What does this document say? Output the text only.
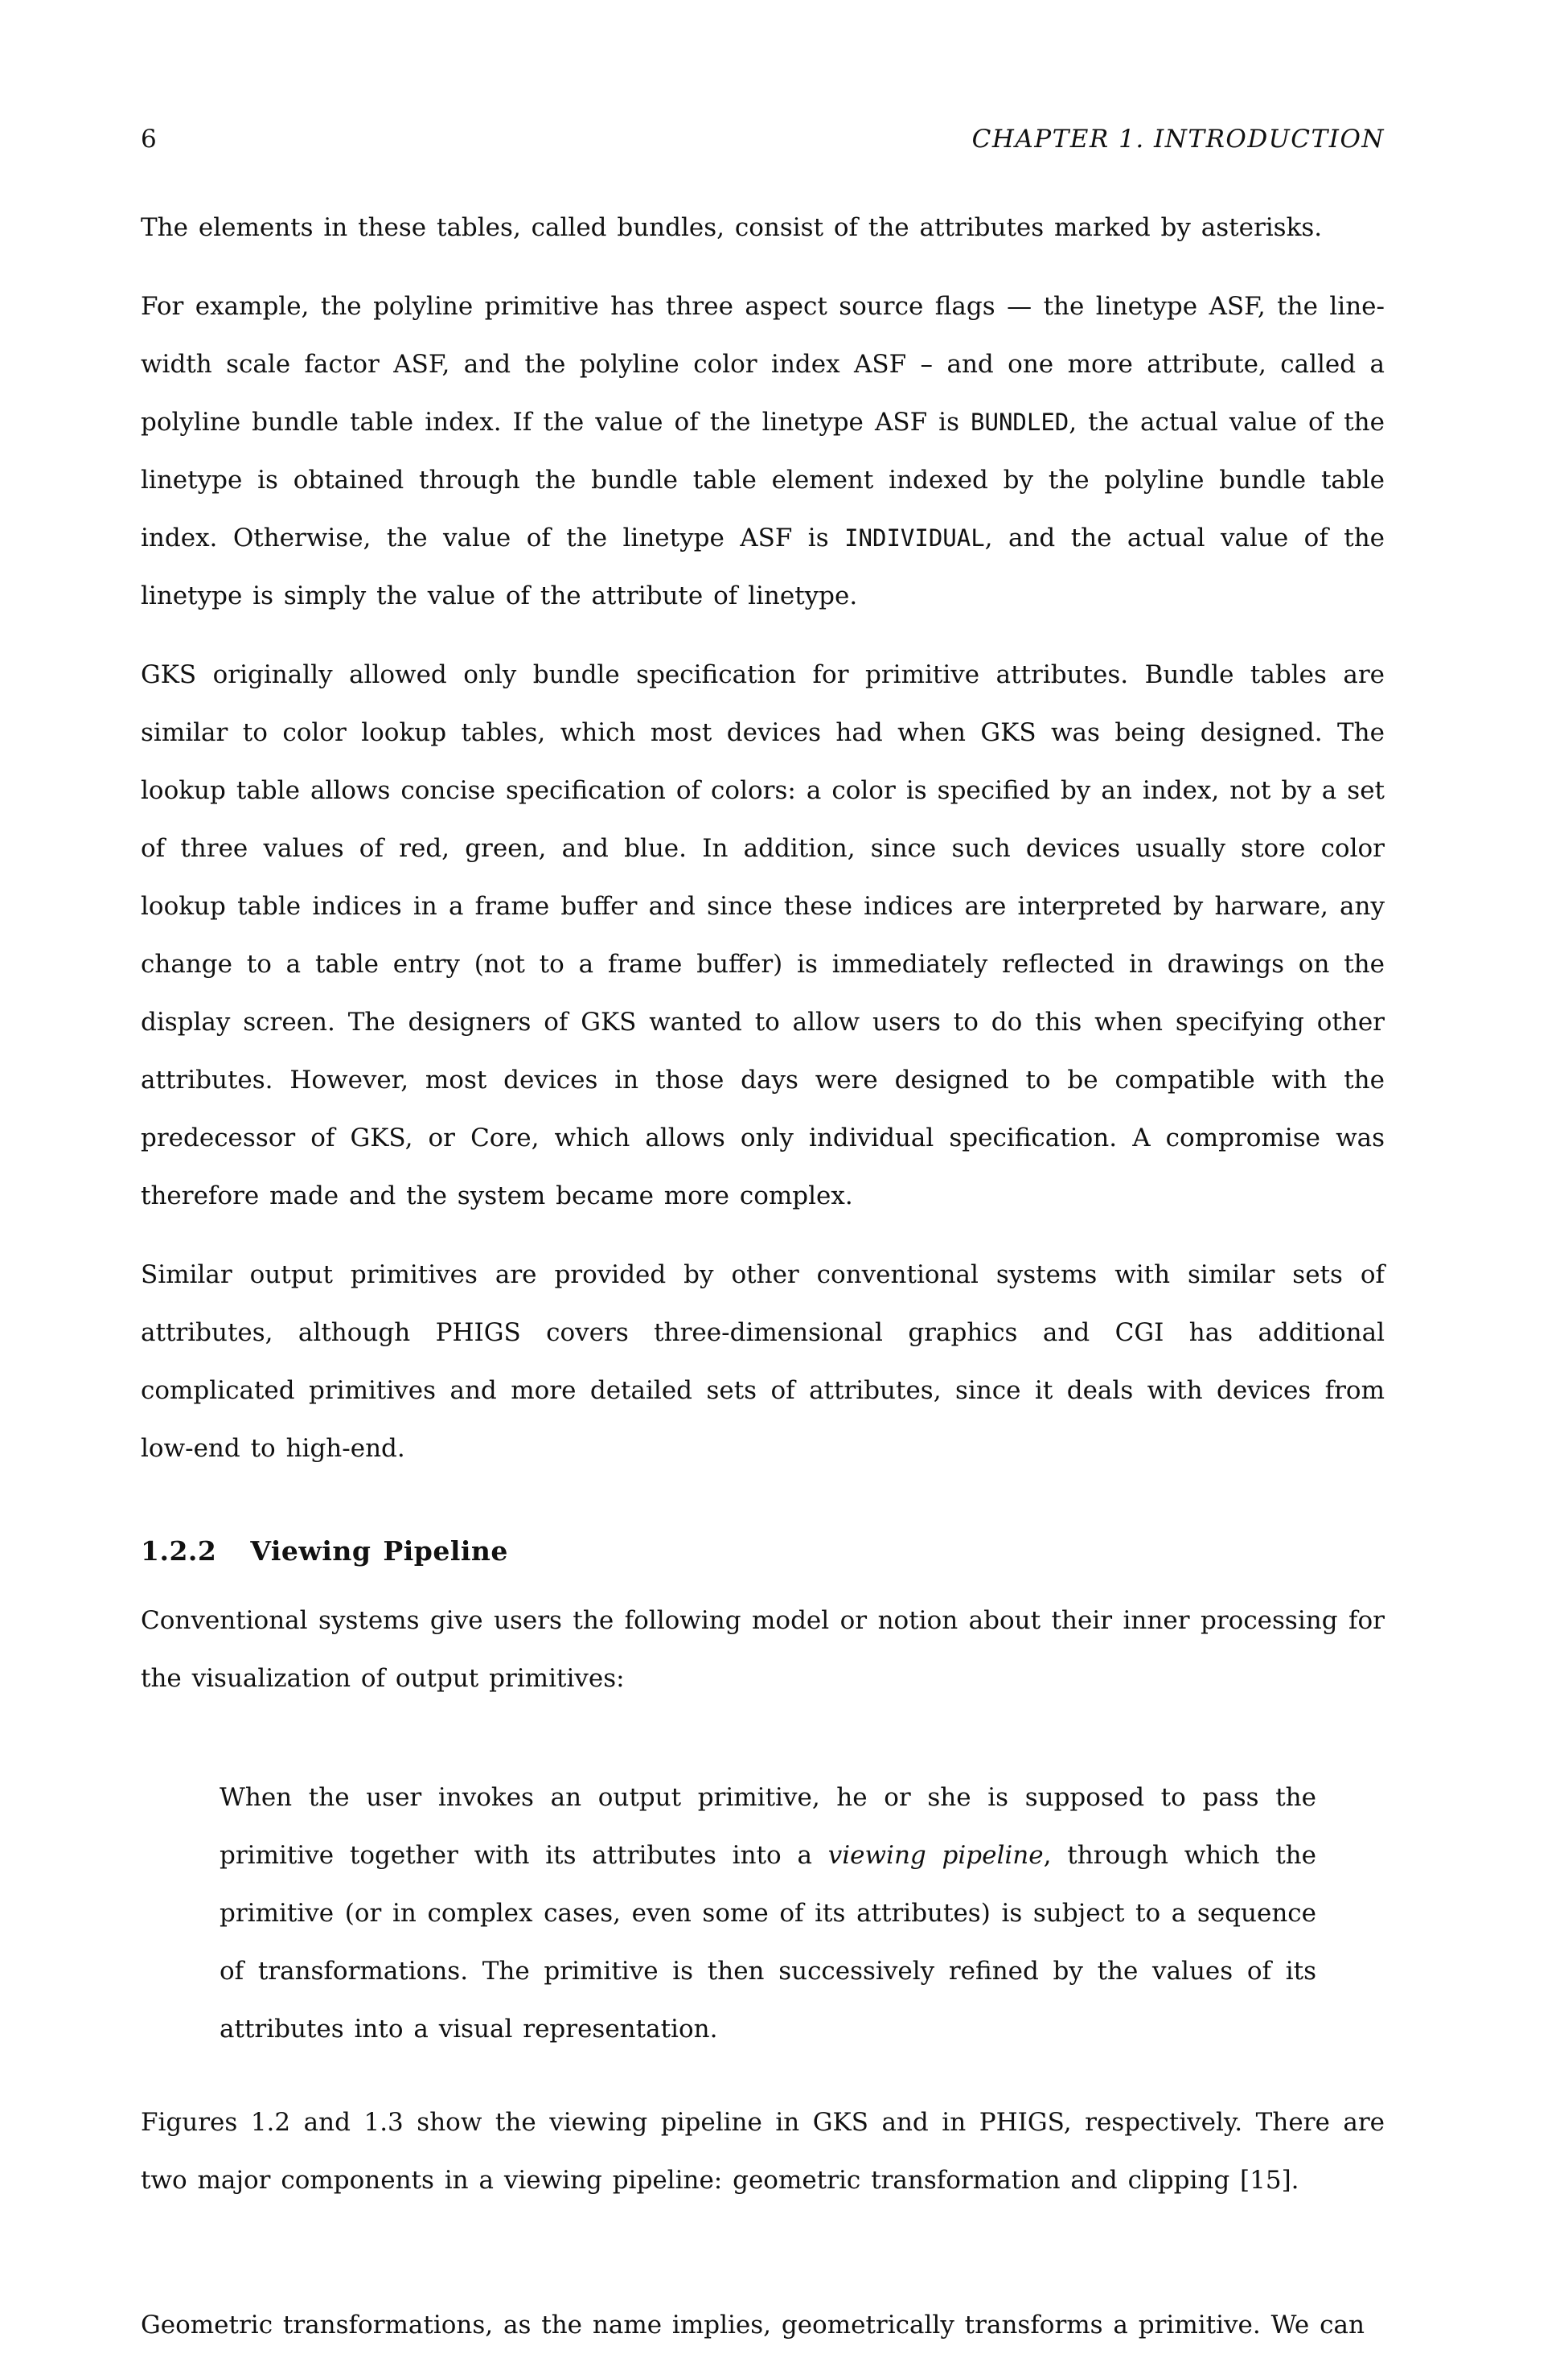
6	CHAPTER 1. INTRODUCTION

The elements in these tables, called bundles, consist of the attributes marked by asterisks.

For example, the polyline primitive has three aspect source flags — the linetype ASF, the line-width scale factor ASF, and the polyline color index ASF – and one more attribute, called a polyline bundle table index. If the value of the linetype ASF is BUNDLED, the actual value of the linetype is obtained through the bundle table element indexed by the polyline bundle table index. Otherwise, the value of the linetype ASF is INDIVIDUAL, and the actual value of the linetype is simply the value of the attribute of linetype.

GKS originally allowed only bundle specification for primitive attributes. Bundle tables are similar to color lookup tables, which most devices had when GKS was being designed. The lookup table allows concise specification of colors: a color is specified by an index, not by a set of three values of red, green, and blue. In addition, since such devices usually store color lookup table indices in a frame buffer and since these indices are interpreted by harware, any change to a table entry (not to a frame buffer) is immediately reflected in drawings on the display screen. The designers of GKS wanted to allow users to do this when specifying other attributes. However, most devices in those days were designed to be compatible with the predecessor of GKS, or Core, which allows only individual specification. A compromise was therefore made and the system became more complex.

Similar output primitives are provided by other conventional systems with similar sets of attributes, although PHIGS covers three-dimensional graphics and CGI has additional complicated primitives and more detailed sets of attributes, since it deals with devices from low-end to high-end.

1.2.2 Viewing Pipeline

Conventional systems give users the following model or notion about their inner processing for the visualization of output primitives:

When the user invokes an output primitive, he or she is supposed to pass the primitive together with its attributes into a viewing pipeline, through which the primitive (or in complex cases, even some of its attributes) is subject to a sequence of transformations. The primitive is then successively refined by the values of its attributes into a visual representation.

Figures 1.2 and 1.3 show the viewing pipeline in GKS and in PHIGS, respectively. There are two major components in a viewing pipeline: geometric transformation and clipping [15].

Geometric transformations, as the name implies, geometrically transforms a primitive. We can
